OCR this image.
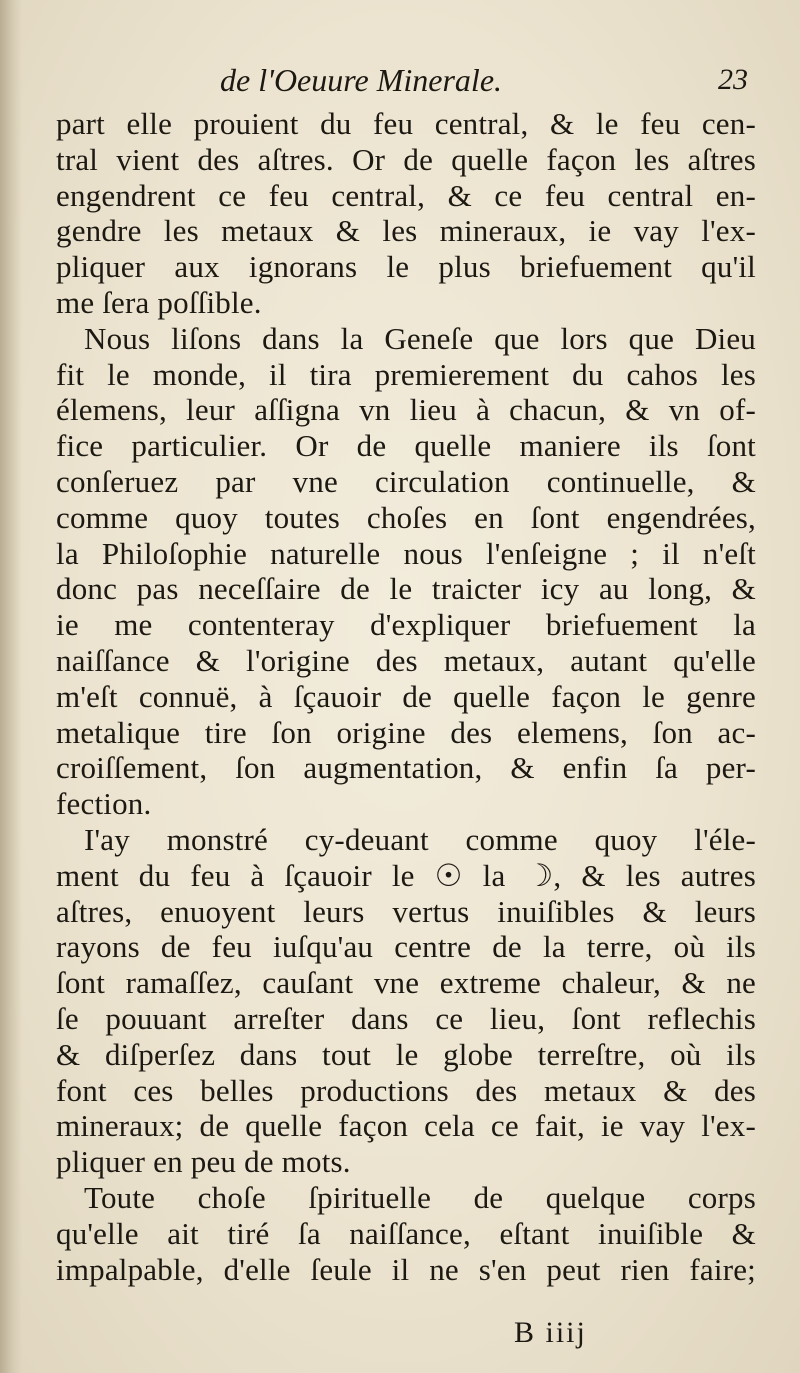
de l'Oeuure Minerale.	23
part elle prouient du feu central, & le feu cen-
tral vient des aſtres. Or de quelle façon les aſtres
engendrent ce feu central, & ce feu central en-
gendre les metaux & les mineraux, ie vay l'ex-
pliquer aux ignorans le plus briefuement qu'il
me ſera poſſible.
Nous liſons dans la Geneſe que lors que Dieu
fit le monde, il tira premierement du cahos les
élemens, leur aſſigna vn lieu à chacun, & vn of-
fice particulier. Or de quelle maniere ils ſont
conſeruez par vne circulation continuelle, &
comme quoy toutes choſes en ſont engendrées,
la Philoſophie naturelle nous l'enſeigne ; il n'eſt
donc pas neceſſaire de le traicter icy au long, &
ie me contenteray d'expliquer briefuement la
naiſſance & l'origine des metaux, autant qu'elle
m'eſt connuë, à ſçauoir de quelle façon le genre
metalique tire ſon origine des elemens, ſon ac-
croiſſement, ſon augmentation, & enfin ſa per-
fection.
I'ay monstré cy-deuant comme quoy l'éle-
ment du feu à ſçauoir le ☉ la ☽, & les autres
aſtres, enuoyent leurs vertus inuiſibles & leurs
rayons de feu iuſqu'au centre de la terre, où ils
ſont ramaſſez, cauſant vne extreme chaleur, & ne
ſe pouuant arreſter dans ce lieu, ſont reflechis
& diſperſez dans tout le globe terreſtre, où ils
font ces belles productions des metaux & des
mineraux; de quelle façon cela ce fait, ie vay l'ex-
pliquer en peu de mots.
Toute choſe ſpirituelle de quelque corps
qu'elle ait tiré ſa naiſſance, eſtant inuiſible &
impalpable, d'elle ſeule il ne s'en peut rien faire;
B iiij
